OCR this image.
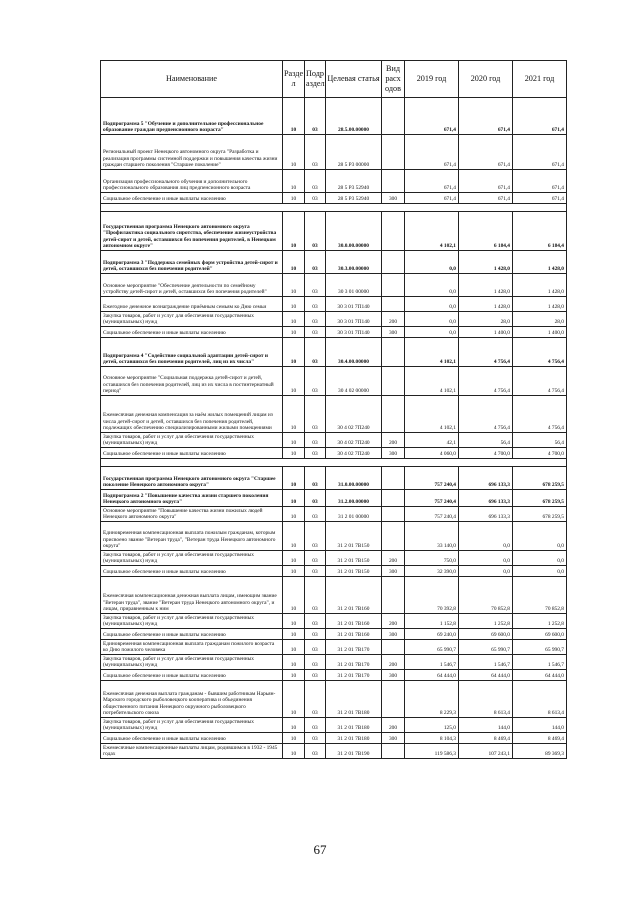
Наименование	Разде л	Подр аздел	Целевая статья	Вид расх одов	2019 год	2020 год	2021 год
Подпрограмма 5 "Обучение и дополнительное профессиональное образование граждан предпенсионного возраста"	10	03	28.5.00.00000		671,4	671,4	671,4
Региональный проект Ненецкого автономного округа "Разработка и реализация программы системной поддержки и повышения качества жизни граждан старшего поколения "Старшее поколение"	10	03	28 5 P3 00000		671,4	671,4	671,4
Организация профессионального обучения и дополнительного профессионального образования лиц предпенсионного возраста	10	03	28 5 P3 52940		671,4	671,4	671,4
Социальное обеспечение и иные выплаты населению	10	03	28 5 P3 52940	300	671,4	671,4	671,4

Государственная программа Ненецкого автономного округа "Профилактика социального сиротства, обеспечение жизнеустройства детей-сирот и детей, оставшихся без попечения родителей, в Ненецком автономном округе"	10	03	30.0.00.00000		4 102,1	6 184,4	6 184,4
Подпрограмма 3 "Поддержка семейных форм устройства детей-сирот и детей, оставшихся без попечения родителей"	10	03	30.3.00.00000		0,0	1 428,0	1 428,0
Основное мероприятие "Обеспечение деятельности по семейному устройству детей-сирот и детей, оставшихся без попечения родителей"	10	03	30 3 01 00000		0,0	1 428,0	1 428,0
Ежегодное денежное вознаграждение приёмным семьям ко Дню семьи	10	03	30 3 01 7П140		0,0	1 428,0	1 428,0
Закупка товаров, работ и услуг для обеспечения государственных (муниципальных) нужд	10	03	30 3 01 7П140	200	0,0	28,0	28,0
Социальное обеспечение и иные выплаты населению	10	03	30 3 01 7П140	300	0,0	1 400,0	1 400,0
Подпрограмма 4 "Содействие социальной адаптации детей-сирот и детей, оставшихся без попечения родителей, лиц из их числа"	10	03	30.4.00.00000		4 102,1	4 756,4	4 756,4
Основное мероприятие "Социальная поддержка детей-сирот и детей, оставшихся без попечения родителей, лиц из их числа в постинтернатный период"	10	03	30 4 02 00000		4 102,1	4 756,4	4 756,4
Ежемесячная денежная компенсация за наём жилых помещений лицам из числа детей-сирот и детей, оставшихся без попечения родителей, подлежащих обеспечению специализированными жилыми помещениями	10	03	30 4 02 7П240		4 102,1	4 756,4	4 756,4
Закупка товаров, работ и услуг для обеспечения государственных (муниципальных) нужд	10	03	30 4 02 7П240	200	42,1	56,4	56,4
Социальное обеспечение и иные выплаты населению	10	03	30 4 02 7П240	300	4 060,0	4 700,0	4 700,0

Государственная программа Ненецкого автономного округа "Старшее поколение Ненецкого автономного округа"	10	03	31.0.00.00000		757 240,4	696 133,3	678 259,5
Подпрограмма 2 "Повышение качества жизни старшего поколения Ненецкого автономного округа"	10	03	31.2.00.00000		757 240,4	696 133,3	678 259,5
Основное мероприятие "Повышение качества жизни пожилых людей Ненецкого автономного округа"	10	03	31 2 01 00000		757 240,4	696 133,3	678 259,5
Единовременная компенсационная выплата пожилым гражданам, которым присвоено звание "Ветеран труда", "Ветеран труда Ненецкого автономного округа"	10	03	31 2 01 7В150		33 140,0	0,0	0,0
Закупка товаров, работ и услуг для обеспечения государственных (муниципальных) нужд	10	03	31 2 01 7В150	200	750,0	0,0	0,0
Социальное обеспечение и иные выплаты населению	10	03	31 2 01 7В150	300	32 390,0	0,0	0,0
Ежемесячная компенсационная денежная выплата лицам, имеющим звание "Ветеран труда", звание "Ветеран труда Ненецкого автономного округа", и лицам, приравненным к ним	10	03	31 2 01 7В160		70 392,8	70 852,8	70 852,8
Закупка товаров, работ и услуг для обеспечения государственных (муниципальных) нужд	10	03	31 2 01 7В160	200	1 152,8	1 252,8	1 252,8
Социальное обеспечение и иные выплаты населению	10	03	31 2 01 7В160	300	69 240,0	69 600,0	69 600,0
Единовременная компенсационная выплата гражданам пожилого возраста ко Дню пожилого человека	10	03	31 2 01 7В170		65 990,7	65 990,7	65 990,7
Закупка товаров, работ и услуг для обеспечения государственных (муниципальных) нужд	10	03	31 2 01 7В170	200	1 546,7	1 546,7	1 546,7
Социальное обеспечение и иные выплаты населению	10	03	31 2 01 7В170	300	64 444,0	64 444,0	64 444,0
Ежемесячная денежная выплата гражданам - бывшим работникам Нарьян-Марского городского рыболовецкого кооператива и объединения общественного питания Ненецкого окружного рыболовецкого потребительского союза	10	03	31 2 01 7В180		8 229,3	8 613,4	8 613,4
Закупка товаров, работ и услуг для обеспечения государственных (муниципальных) нужд	10	03	31 2 01 7В180	200	125,0	144,0	144,0
Социальное обеспечение и иные выплаты населению	10	03	31 2 01 7В180	300	8 104,3	8 469,4	8 469,4
Ежемесячные компенсационные выплаты лицам, родившимся в 1932 - 1945 годах	10	03	31 2 01 7В190		119 586,3	107 243,1	89 369,3
67
